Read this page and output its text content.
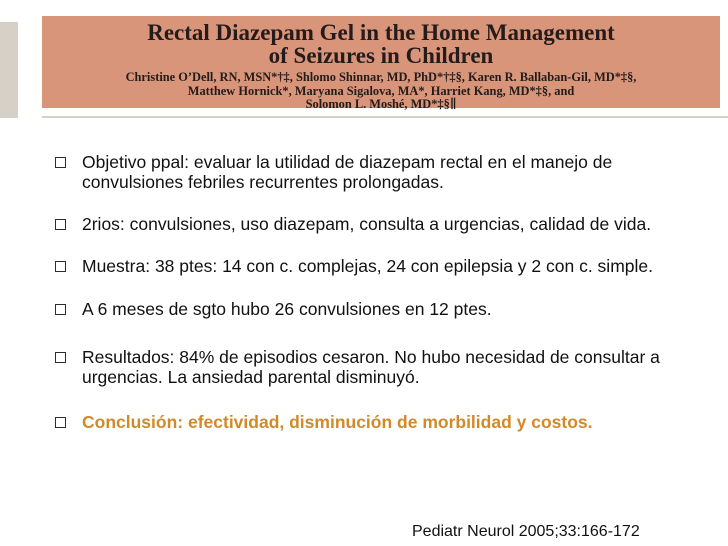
Rectal Diazepam Gel in the Home Management
of Seizures in Children
Christine O’Dell, RN, MSN*†‡, Shlomo Shinnar, MD, PhD*†‡§, Karen R. Ballaban-Gil, MD*‡§,
Matthew Hornick*, Maryana Sigalova, MA*, Harriet Kang, MD*‡§, and
Solomon L. Moshé, MD*‡§∥
Objetivo ppal: evaluar la utilidad de diazepam rectal en el manejo de convulsiones febriles recurrentes prolongadas.
2rios: convulsiones, uso diazepam, consulta a urgencias, calidad de vida.
Muestra: 38 ptes: 14 con c. complejas, 24 con epilepsia y 2 con c. simple.
A 6 meses de sgto hubo 26 convulsiones en 12 ptes.
Resultados: 84% de episodios cesaron. No hubo necesidad de consultar a urgencias. La ansiedad parental disminuyó.
Conclusión: efectividad, disminución de morbilidad y costos.
Pediatr Neurol 2005;33:166-172
